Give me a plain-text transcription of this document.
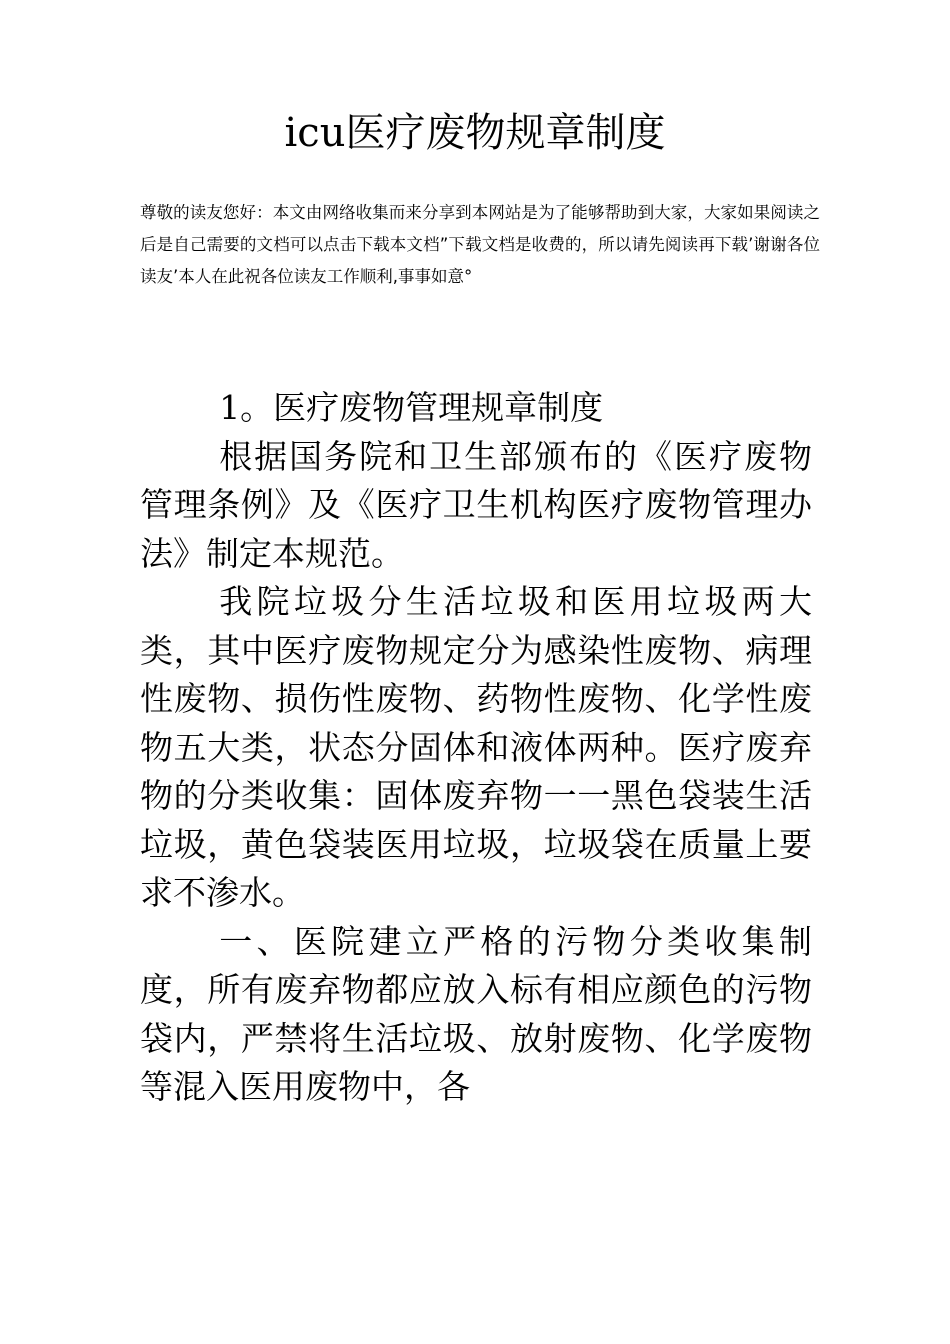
icu医疗废物规章制度

尊敬的读友您好：本文由网络收集而来分享到本网站是为了能够帮助到大家，大家如果阅读之后是自己需要的文档可以点击下载本文档”下载文档是收费的，所以请先阅读再下载’谢谢各位读友’本人在此祝各位读友工作顺利,事事如意°

1。医疗废物管理规章制度

根据国务院和卫生部颁布的《医疗废物管理条例》及《医疗卫生机构医疗废物管理办法》制定本规范。

我院垃圾分生活垃圾和医用垃圾两大类，其中医疗废物规定分为感染性废物、病理性废物、损伤性废物、药物性废物、化学性废物五大类，状态分固体和液体两种。医疗废弃物的分类收集：固体废弃物一一黑色袋装生活垃圾，黄色袋装医用垃圾，垃圾袋在质量上要求不渗水。

一、医院建立严格的污物分类收集制度，所有废弃物都应放入标有相应颜色的污物袋内，严禁将生活垃圾、放射废物、化学废物等混入医用废物中，各
